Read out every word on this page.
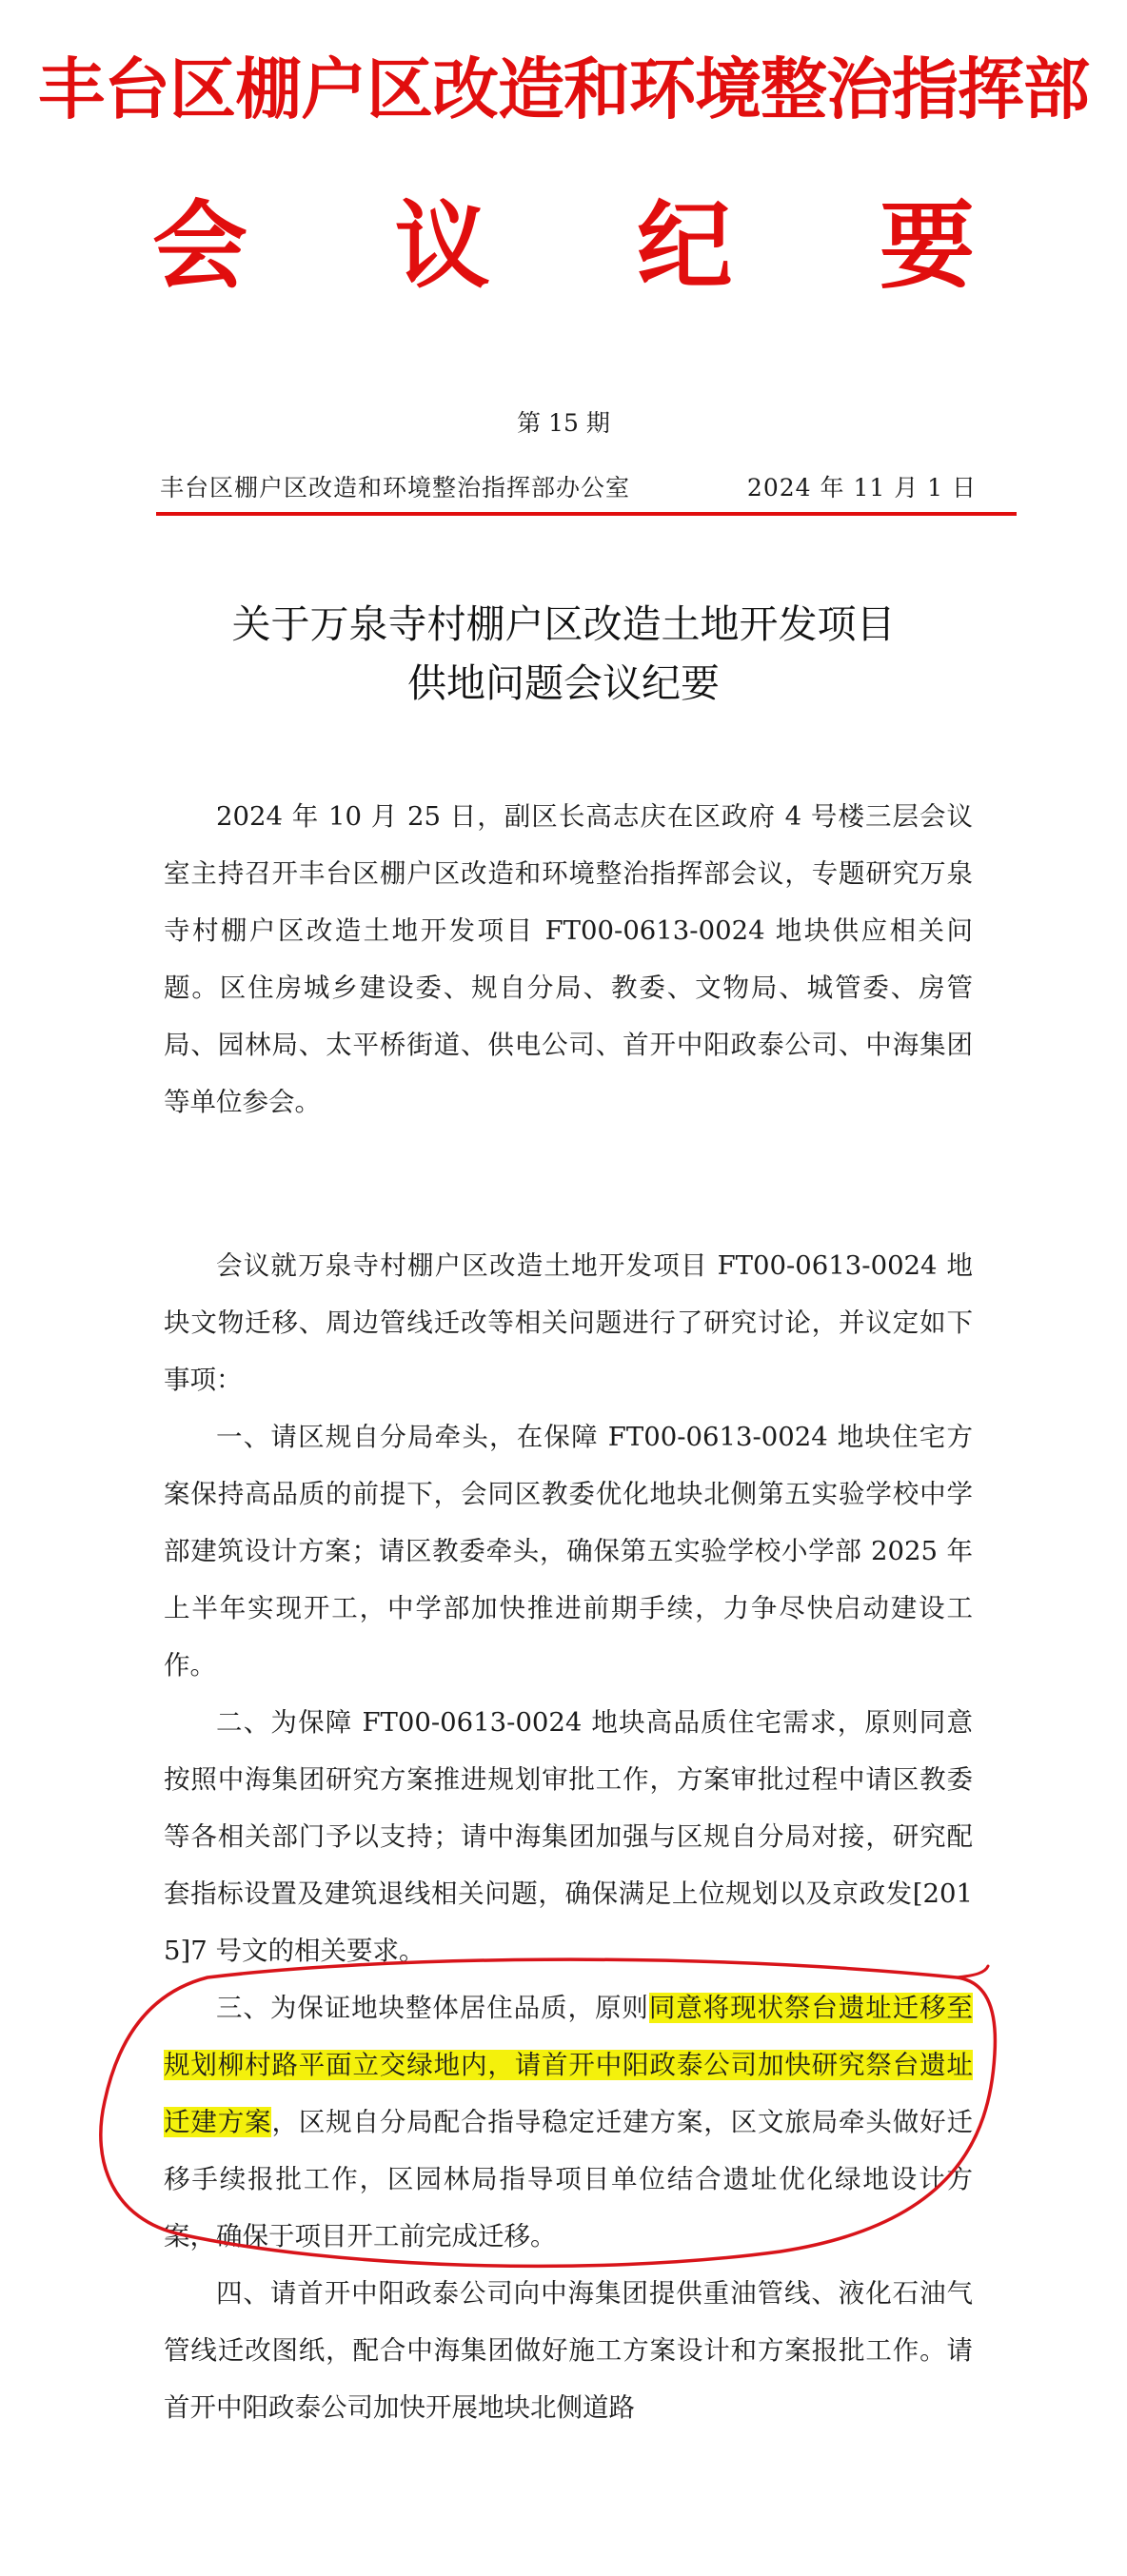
丰台区棚户区改造和环境整治指挥部
会 议 纪 要
第 15 期
丰台区棚户区改造和环境整治指挥部办公室	2024 年 11 月 1 日
关于万泉寺村棚户区改造土地开发项目
供地问题会议纪要

2024 年 10 月 25 日，副区长高志庆在区政府 4 号楼三层会议室主持召开丰台区棚户区改造和环境整治指挥部会议，专题研究万泉寺村棚户区改造土地开发项目 FT00-0613-0024 地块供应相关问题。区住房城乡建设委、规自分局、教委、文物局、城管委、房管局、园林局、太平桥街道、供电公司、首开中阳政泰公司、中海集团等单位参会。

会议就万泉寺村棚户区改造土地开发项目 FT00-0613-0024 地块文物迁移、周边管线迁改等相关问题进行了研究讨论，并议定如下事项：

一、请区规自分局牵头，在保障 FT00-0613-0024 地块住宅方案保持高品质的前提下，会同区教委优化地块北侧第五实验学校中学部建筑设计方案；请区教委牵头，确保第五实验学校小学部 2025 年上半年实现开工，中学部加快推进前期手续，力争尽快启动建设工作。

二、为保障 FT00-0613-0024 地块高品质住宅需求，原则同意按照中海集团研究方案推进规划审批工作，方案审批过程中请区教委等各相关部门予以支持；请中海集团加强与区规自分局对接，研究配套指标设置及建筑退线相关问题，确保满足上位规划以及京政发[2015]7 号文的相关要求。

三、为保证地块整体居住品质，原则同意将现状祭台遗址迁移至规划柳村路平面立交绿地内，请首开中阳政泰公司加快研究祭台遗址迁建方案，区规自分局配合指导稳定迁建方案，区文旅局牵头做好迁移手续报批工作，区园林局指导项目单位结合遗址优化绿地设计方案，确保于项目开工前完成迁移。

四、请首开中阳政泰公司向中海集团提供重油管线、液化石油气管线迁改图纸，配合中海集团做好施工方案设计和方案报批工作。请首开中阳政泰公司加快开展地块北侧道路
